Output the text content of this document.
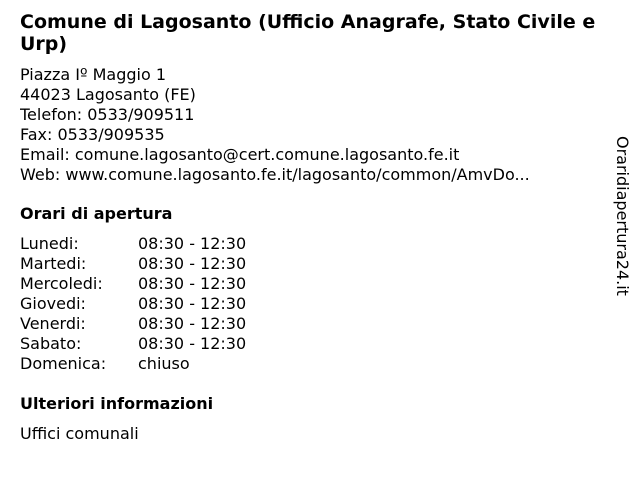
Comune di Lagosanto (Ufficio Anagrafe, Stato Civile e Urp)
Piazza Iº Maggio 1
44023 Lagosanto (FE)
Telefon: 0533/909511
Fax: 0533/909535
Email: comune.lagosanto@cert.comune.lagosanto.fe.it
Web: www.comune.lagosanto.fe.it/lagosanto/common/AmvDo...
Orari di apertura
Lunedi:	08:30 - 12:30
Martedi:	08:30 - 12:30
Mercoledi: 08:30 - 12:30
Giovedi:	08:30 - 12:30
Venerdi:	08:30 - 12:30
Sabato:	08:30 - 12:30
Domenica: chiuso
Ulteriori informazioni
Uffici comunali
Oraridiapertura24.it
